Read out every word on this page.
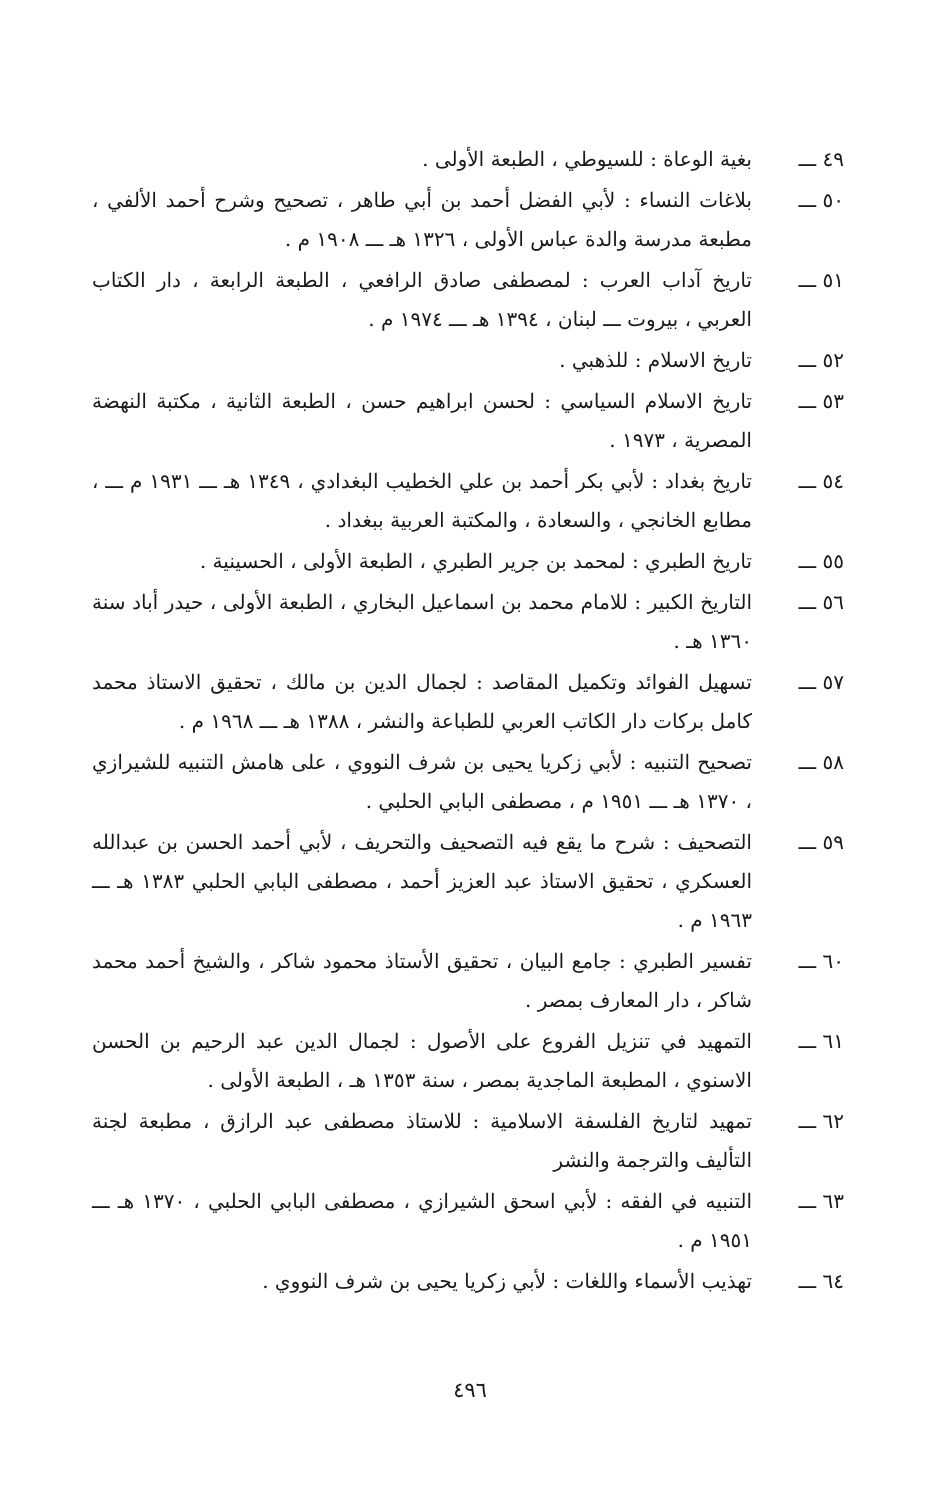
٤٩ ـــ
بغية الوعاة : للسيوطي ، الطبعة الأولى .
٥٠ ـــ
بلاغات النساء : لأبي الفضل أحمد بن أبي طاهر ، تصحيح وشرح أحمد الألفي ، مطبعة مدرسة والدة عباس الأولى ، ١٣٢٦ هـ ـــ ١٩٠٨ م .
٥١ ـــ
تاريخ آداب العرب : لمصطفى صادق الرافعي ، الطبعة الرابعة ، دار الكتاب العربي ، بيروت ـــ لبنان ، ١٣٩٤ هـ ـــ ١٩٧٤ م .
٥٢ ـــ
تاريخ الاسلام : للذهبي .
٥٣ ـــ
تاريخ الاسلام السياسي : لحسن ابراهيم حسن ، الطبعة الثانية ، مكتبة النهضة المصرية ، ١٩٧٣ .
٥٤ ـــ
تاريخ بغداد : لأبي بكر أحمد بن علي الخطيب البغدادي ، ١٣٤٩ هـ ـــ ١٩٣١ م ـــ ، مطابع الخانجي ، والسعادة ، والمكتبة العربية ببغداد .
٥٥ ـــ
تاريخ الطبري : لمحمد بن جرير الطبري ، الطبعة الأولى ، الحسينية .
٥٦ ـــ
التاريخ الكبير : للامام محمد بن اسماعيل البخاري ، الطبعة الأولى ، حيدر أباد سنة ١٣٦٠ هـ .
٥٧ ـــ
تسهيل الفوائد وتكميل المقاصد : لجمال الدين بن مالك ، تحقيق الاستاذ محمد كامل بركات دار الكاتب العربي للطباعة والنشر ، ١٣٨٨ هـ ـــ ١٩٦٨ م .
٥٨ ـــ
تصحيح التنبيه : لأبي زكريا يحيى بن شرف النووي ، على هامش التنبيه للشيرازي ، ١٣٧٠ هـ ـــ ١٩٥١ م ، مصطفى البابي الحلبي .
٥٩ ـــ
التصحيف : شرح ما يقع فيه التصحيف والتحريف ، لأبي أحمد الحسن بن عبدالله العسكري ، تحقيق الاستاذ عبد العزيز أحمد ، مصطفى البابي الحلبي ١٣٨٣ هـ ـــ ١٩٦٣ م .
٦٠ ـــ
تفسير الطبري : جامع البيان ، تحقيق الأستاذ محمود شاكر ، والشيخ أحمد محمد شاكر ، دار المعارف بمصر .
٦١ ـــ
التمهيد في تنزيل الفروع على الأصول : لجمال الدين عبد الرحيم بن الحسن الاسنوي ، المطبعة الماجدية بمصر ، سنة ١٣٥٣ هـ ، الطبعة الأولى .
٦٢ ـــ
تمهيد لتاريخ الفلسفة الاسلامية : للاستاذ مصطفى عبد الرازق ، مطبعة لجنة التأليف والترجمة والنشر
٦٣ ـــ
التنبيه في الفقه : لأبي اسحق الشيرازي ، مصطفى البابي الحلبي ، ١٣٧٠ هـ ـــ ١٩٥١ م .
٦٤ ـــ
تهذيب الأسماء واللغات : لأبي زكريا يحيى بن شرف النووي .
٤٩٦
